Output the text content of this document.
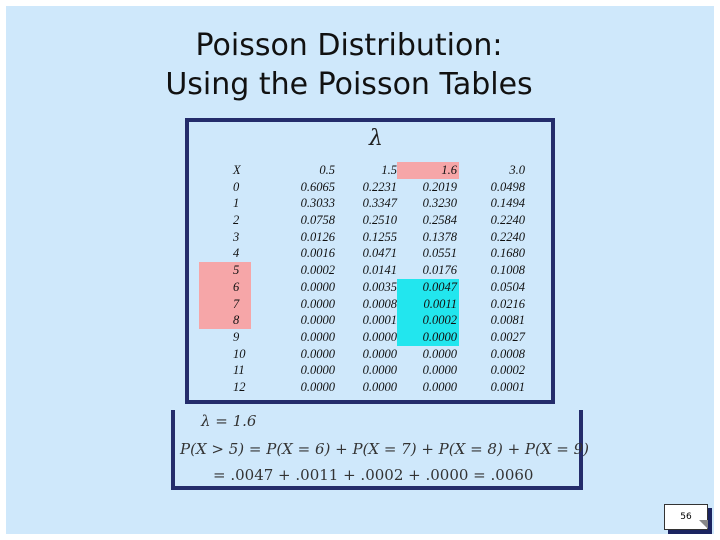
Poisson Distribution:
Using the Poisson Tables
λ
X
0
1
2
3
4
5
6
7
8
9
10
11
12
0.5
0.6065
0.3033
0.0758
0.0126
0.0016
0.0002
0.0000
0.0000
0.0000
0.0000
0.0000
0.0000
0.0000
1.5
0.2231
0.3347
0.2510
0.1255
0.0471
0.0141
0.0035
0.0008
0.0001
0.0000
0.0000
0.0000
0.0000
1.6
0.2019
0.3230
0.2584
0.1378
0.0551
0.0176
0.0047
0.0011
0.0002
0.0000
0.0000
0.0000
0.0000
3.0
0.0498
0.1494
0.2240
0.2240
0.1680
0.1008
0.0504
0.0216
0.0081
0.0027
0.0008
0.0002
0.0001
λ = 1.6
P(X > 5) = P(X = 6) + P(X = 7) + P(X = 8) + P(X = 9)
= .0047 + .0011 + .0002 + .0000 = .0060
56
